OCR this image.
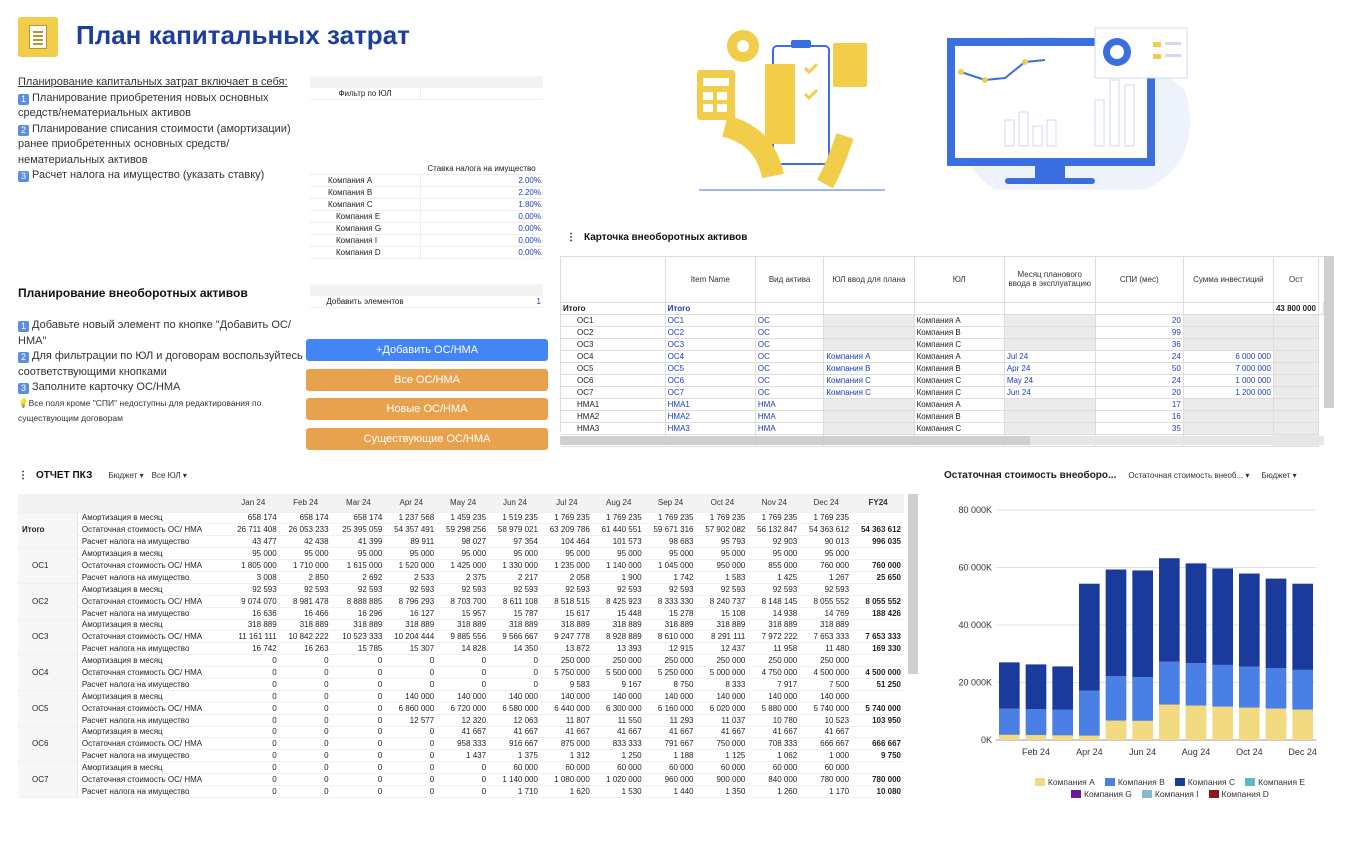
План капитальных затрат
Планирование капитальных затрат включает в себя:
1 Планирование приобретения новых основных средств/нематериальных активов
2 Планирование списания стоимости (амортизации) ранее приобретенных основных средств/ нематериальных активов
3 Расчет налога на имущество (указать ставку)
Фильтр по ЮЛ
Ставка налога на имущество
Компания A	2.00%
Компания B	2.20%
Компания C	1.80%
Компания E	0.00%
Компания G	0.00%
Компания I	0.00%
Компания D	0.00%
Планирование внеоборотных активов
Добавить элементов	1
1 Добавьте новый элемент по кнопке "Добавить ОС/НМА"
2 Для фильтрации по ЮЛ и договорам воспользуйтесь соответствующими кнопками
3 Заполните карточку ОС/НМА
💡Все поля кроме "СПИ" недоступны для редактирования по существующим договорам
+Добавить ОС/НМА
Все ОС/НМА
Новые ОС/НМА
Существующие ОС/НМА
⋮ Карточка внеоборотных активов
	Item Name	Вид актива	ЮЛ ввод для плана	ЮЛ	Месяц планового ввода в эксплуатацию	СПИ (мес)	Сумма инвестиций	Ост	
Итого	Итого							43 800 000	
ОС1	ОС1	ОС		Компания A		20			
ОС2	ОС2	ОС		Компания B		99			
ОС3	ОС3	ОС		Компания C		36			
ОС4	ОС4	ОС	Компания A	Компания A	Jul 24	24	6 000 000		
ОС5	ОС5	ОС	Компания B	Компания B	Apr 24	50	7 000 000		
ОС6	ОС6	ОС	Компания C	Компания C	May 24	24	1 000 000		
ОС7	ОС7	ОС	Компания C	Компания C	Jun 24	20	1 200 000		
НМА1	НМА1	НМА		Компания A		17			
НМА2	НМА2	НМА		Компания B		16			
НМА3	НМА3	НМА		Компания C		35			

⋮ ОТЧЕТ ПКЗ Бюджет ▾ Все ЮЛ ▾
		Jan 24	Feb 24	Mar 24	Apr 24	May 24	Jun 24	Jul 24	Aug 24	Sep 24	Oct 24	Nov 24	Dec 24	FY24
Итого	Амортизация в месяц	658 174	658 174	658 174	1 237 568	1 459 235	1 519 235	1 769 235	1 769 235	1 769 235	1 769 235	1 769 235	1 769 235	
	Остаточная стоимость ОС/ НМА	26 711 408	26 053 233	25 395 059	54 357 491	59 298 256	58 979 021	63 209 786	61 440 551	59 671 316	57 902 082	56 132 847	54 363 612	54 363 612
	Расчет налога на имущество	43 477	42 438	41 399	89 911	98 027	97 354	104 464	101 573	98 683	95 793	92 903	90 013	996 035
ОС1	Амортизация в месяц	95 000	95 000	95 000	95 000	95 000	95 000	95 000	95 000	95 000	95 000	95 000	95 000	
	Остаточная стоимость ОС/ НМА	1 805 000	1 710 000	1 615 000	1 520 000	1 425 000	1 330 000	1 235 000	1 140 000	1 045 000	950 000	855 000	760 000	760 000
	Расчет налога на имущество	3 008	2 850	2 692	2 533	2 375	2 217	2 058	1 900	1 742	1 583	1 425	1 267	25 650
ОС2	Амортизация в месяц	92 593	92 593	92 593	92 593	92 593	92 593	92 593	92 593	92 593	92 593	92 593	92 593	
	Остаточная стоимость ОС/ НМА	9 074 070	8 981 478	8 888 885	8 796 293	8 703 700	8 611 108	8 518 515	8 425 923	8 333 330	8 240 737	8 148 145	8 055 552	8 055 552
	Расчет налога на имущество	16 636	16 466	16 296	16 127	15 957	15 787	15 617	15 448	15 278	15 108	14 938	14 769	188 426
ОС3	Амортизация в месяц	318 889	318 889	318 889	318 889	318 889	318 889	318 889	318 889	318 889	318 889	318 889	318 889	
	Остаточная стоимость ОС/ НМА	11 161 111	10 842 222	10 523 333	10 204 444	9 885 556	9 566 667	9 247 778	8 928 889	8 610 000	8 291 111	7 972 222	7 653 333	7 653 333
	Расчет налога на имущество	16 742	16 263	15 785	15 307	14 828	14 350	13 872	13 393	12 915	12 437	11 958	11 480	169 330
ОС4	Амортизация в месяц	0	0	0	0	0	0	250 000	250 000	250 000	250 000	250 000	250 000	
	Остаточная стоимость ОС/ НМА	0	0	0	0	0	0	5 750 000	5 500 000	5 250 000	5 000 000	4 750 000	4 500 000	4 500 000
	Расчет налога на имущество	0	0	0	0	0	0	9 583	9 167	8 750	8 333	7 917	7 500	51 250
ОС5	Амортизация в месяц	0	0	0	140 000	140 000	140 000	140 000	140 000	140 000	140 000	140 000	140 000	
	Остаточная стоимость ОС/ НМА	0	0	0	6 860 000	6 720 000	6 580 000	6 440 000	6 300 000	6 160 000	6 020 000	5 880 000	5 740 000	5 740 000
	Расчет налога на имущество	0	0	0	12 577	12 320	12 063	11 807	11 550	11 293	11 037	10 780	10 523	103 950
ОС6	Амортизация в месяц	0	0	0	0	41 667	41 667	41 667	41 667	41 667	41 667	41 667	41 667	
	Остаточная стоимость ОС/ НМА	0	0	0	0	958 333	916 667	875 000	833 333	791 667	750 000	708 333	666 667	666 667
	Расчет налога на имущество	0	0	0	0	1 437	1 375	1 312	1 250	1 188	1 125	1 062	1 000	9 750
ОС7	Амортизация в месяц	0	0	0	0	0	60 000	60 000	60 000	60 000	60 000	60 000	60 000	
	Остаточная стоимость ОС/ НМА	0	0	0	0	0	1 140 000	1 080 000	1 020 000	960 000	900 000	840 000	780 000	780 000
	Расчет налога на имущество	0	0	0	0	0	1 710	1 620	1 530	1 440	1 350	1 260	1 170	10 080
Остаточная стоимость внеоборо... Остаточная стоимость внеоб... ▾ Бюджет ▾
0K
20 000K
40 000K
60 000K
80 000K
Feb 24	Apr 24	Jun 24	Aug 24	Oct 24	Dec 24
Компания A	Компания B	Компания C	Компания E
Компания G	Компания I	Компания D
